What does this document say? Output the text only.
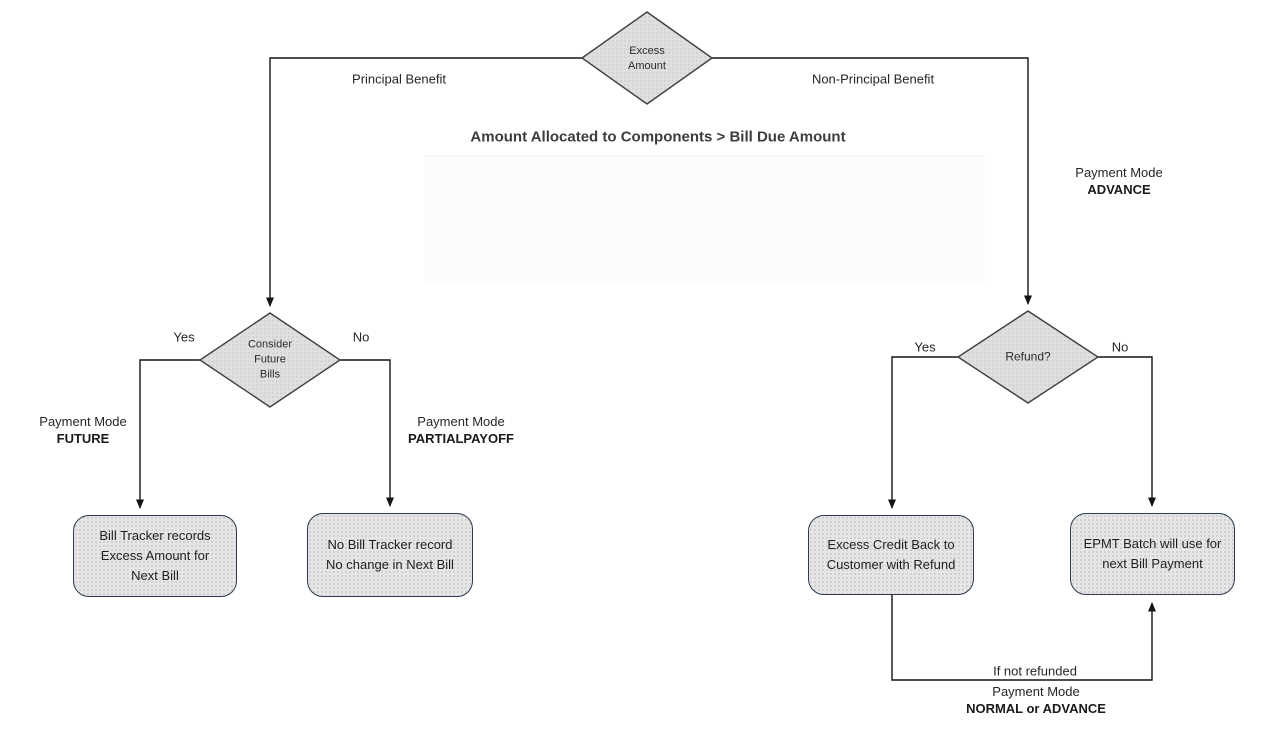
Excess
Amount
Consider
Future
Bills
Refund?
Principal Benefit	Non-Principal Benefit
Amount Allocated to Components > Bill Due Amount
Payment Mode
ADVANCE
Yes	No
Payment Mode
FUTURE
Payment Mode
PARTIALPAYOFF
Yes	No
If not refunded
Payment Mode
NORMAL or ADVANCE
Bill Tracker records
Excess Amount for
Next Bill
No Bill Tracker record
No change in Next Bill
Excess Credit Back to
Customer with Refund
EPMT Batch will use for
next Bill Payment
